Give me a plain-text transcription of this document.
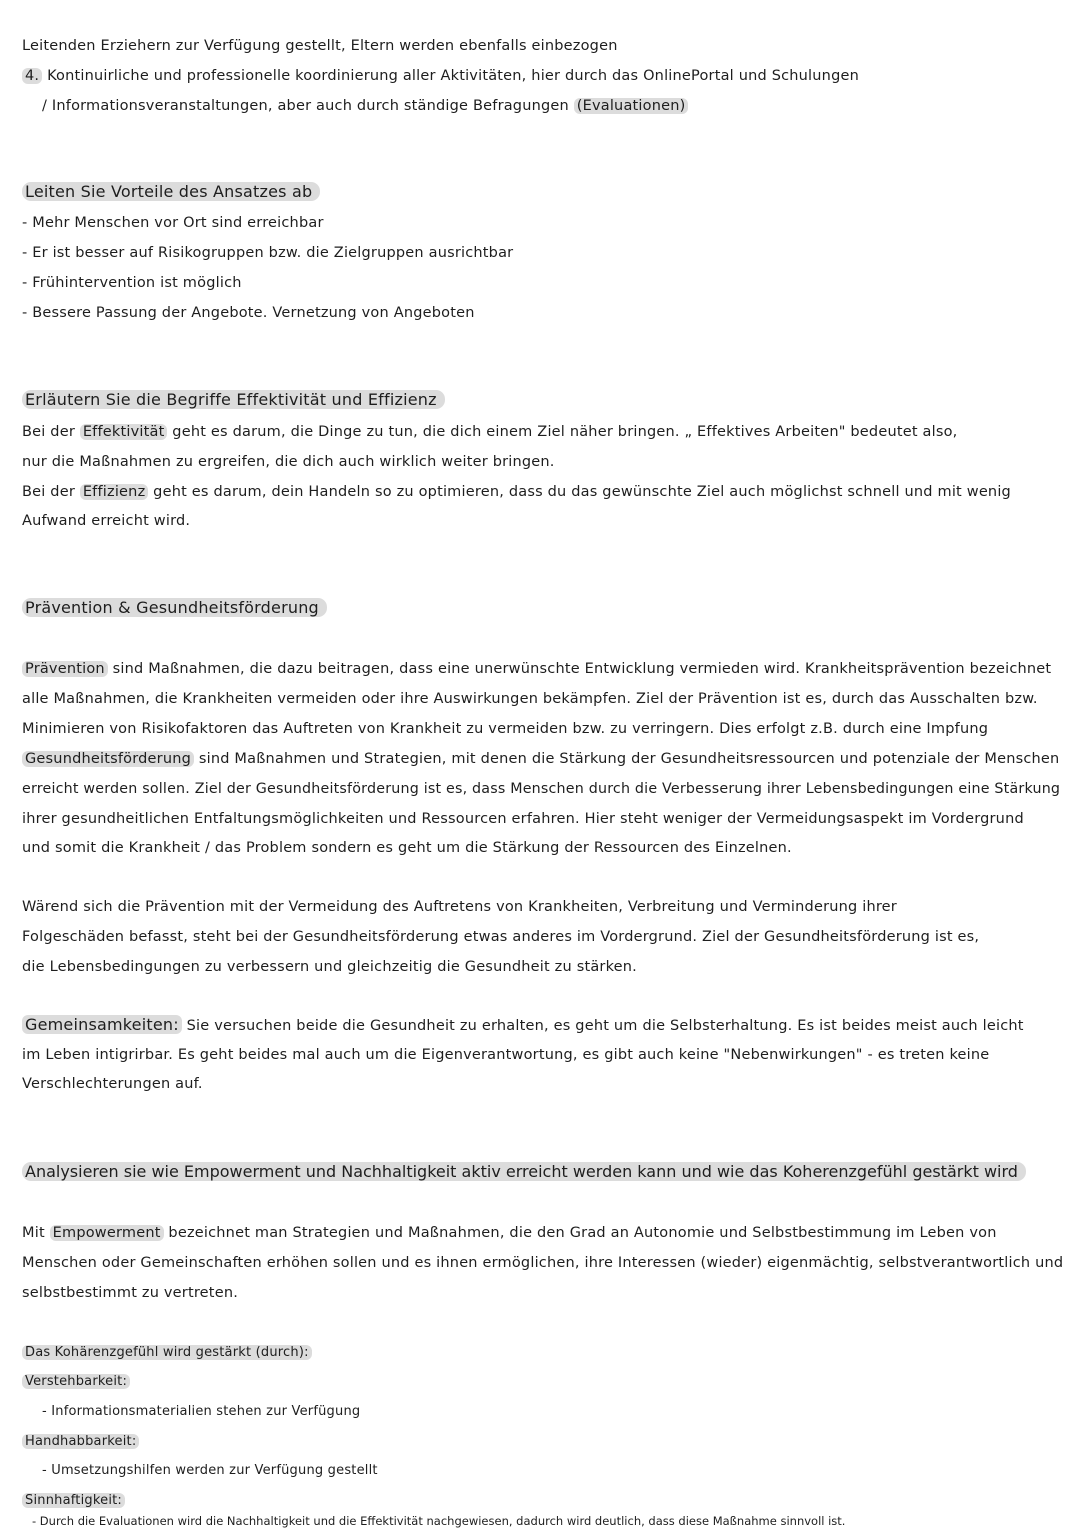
Leitenden Erziehern zur Verfügung gestellt, Eltern werden ebenfalls einbezogen
4. Kontinuirliche und professionelle koordinierung aller Aktivitäten, hier durch das OnlinePortal und Schulungen
/ Informationsveranstaltungen, aber auch durch ständige Befragungen (Evaluationen)
Leiten Sie Vorteile des Ansatzes ab
- Mehr Menschen vor Ort sind erreichbar
- Er ist besser auf Risikogruppen bzw. die Zielgruppen ausrichtbar
- Frühintervention ist möglich
- Bessere Passung der Angebote. Vernetzung von Angeboten
Erläutern Sie die Begriffe Effektivität und Effizienz
Bei der Effektivität geht es darum, die Dinge zu tun, die dich einem Ziel näher bringen. „ Effektives Arbeiten" bedeutet also,
nur die Maßnahmen zu ergreifen, die dich auch wirklich weiter bringen.
Bei der Effizienz geht es darum, dein Handeln so zu optimieren, dass du das gewünschte Ziel auch möglichst schnell und mit wenig
Aufwand erreicht wird.
Prävention & Gesundheitsförderung
Prävention sind Maßnahmen, die dazu beitragen, dass eine unerwünschte Entwicklung vermieden wird. Krankheitsprävention bezeichnet
alle Maßnahmen, die Krankheiten vermeiden oder ihre Auswirkungen bekämpfen. Ziel der Prävention ist es, durch das Ausschalten bzw.
Minimieren von Risikofaktoren das Auftreten von Krankheit zu vermeiden bzw. zu verringern. Dies erfolgt z.B. durch eine Impfung
Gesundheitsförderung sind Maßnahmen und Strategien, mit denen die Stärkung der Gesundheitsressourcen und potenziale der Menschen
erreicht werden sollen. Ziel der Gesundheitsförderung ist es, dass Menschen durch die Verbesserung ihrer Lebensbedingungen eine Stärkung
ihrer gesundheitlichen Entfaltungsmöglichkeiten und Ressourcen erfahren. Hier steht weniger der Vermeidungsaspekt im Vordergrund
und somit die Krankheit / das Problem sondern es geht um die Stärkung der Ressourcen des Einzelnen.
Wärend sich die Prävention mit der Vermeidung des Auftretens von Krankheiten, Verbreitung und Verminderung ihrer
Folgeschäden befasst, steht bei der Gesundheitsförderung etwas anderes im Vordergrund. Ziel der Gesundheitsförderung ist es,
die Lebensbedingungen zu verbessern und gleichzeitig die Gesundheit zu stärken.
Gemeinsamkeiten: Sie versuchen beide die Gesundheit zu erhalten, es geht um die Selbsterhaltung. Es ist beides meist auch leicht
im Leben intigrirbar. Es geht beides mal auch um die Eigenverantwortung, es gibt auch keine "Nebenwirkungen" - es treten keine
Verschlechterungen auf.
Analysieren sie wie Empowerment und Nachhaltigkeit aktiv erreicht werden kann und wie das Koherenzgefühl gestärkt wird
Mit Empowerment bezeichnet man Strategien und Maßnahmen, die den Grad an Autonomie und Selbstbestimmung im Leben von
Menschen oder Gemeinschaften erhöhen sollen und es ihnen ermöglichen, ihre Interessen (wieder) eigenmächtig, selbstverantwortlich und
selbstbestimmt zu vertreten.
Das Kohärenzgefühl wird gestärkt (durch):
Verstehbarkeit:
- Informationsmaterialien stehen zur Verfügung
Handhabbarkeit:
- Umsetzungshilfen werden zur Verfügung gestellt
Sinnhaftigkeit:
- Durch die Evaluationen wird die Nachhaltigkeit und die Effektivität nachgewiesen, dadurch wird deutlich, dass diese Maßnahme sinnvoll ist.
